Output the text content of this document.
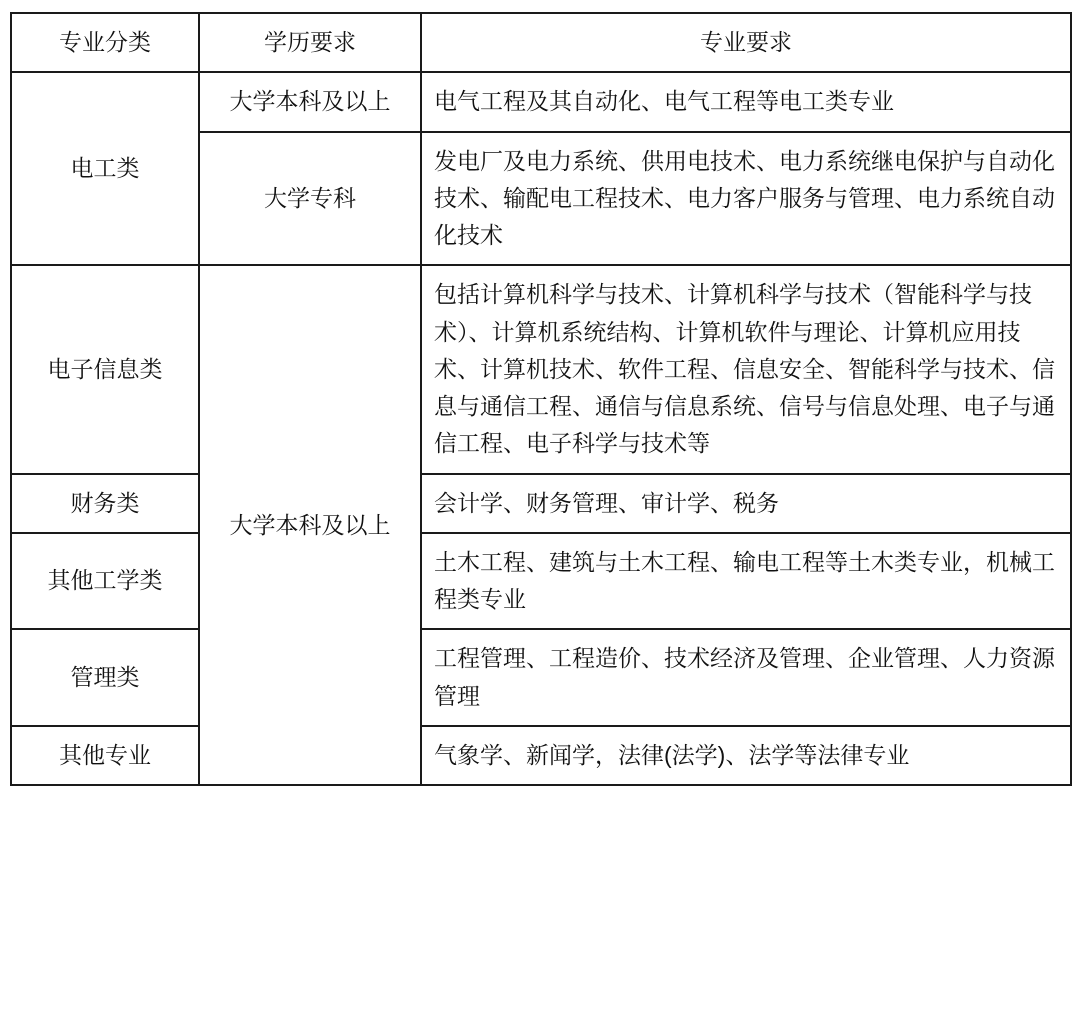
专业分类	学历要求	专业要求
电工类	大学本科及以上	电气工程及其自动化、电气工程等电工类专业
	大学专科	发电厂及电力系统、供用电技术、电力系统继电保护与自动化技术、输配电工程技术、电力客户服务与管理、电力系统自动化技术
电子信息类	大学本科及以上	包括计算机科学与技术、计算机科学与技术（智能科学与技术）、计算机系统结构、计算机软件与理论、计算机应用技术、计算机技术、软件工程、信息安全、智能科学与技术、信息与通信工程、通信与信息系统、信号与信息处理、电子与通信工程、电子科学与技术等
财务类		会计学、财务管理、审计学、税务
其他工学类		土木工程、建筑与土木工程、输电工程等土木类专业，机械工程类专业
管理类		工程管理、工程造价、技术经济及管理、企业管理、人力资源管理
其他专业		气象学、新闻学，法律(法学)、法学等法律专业
